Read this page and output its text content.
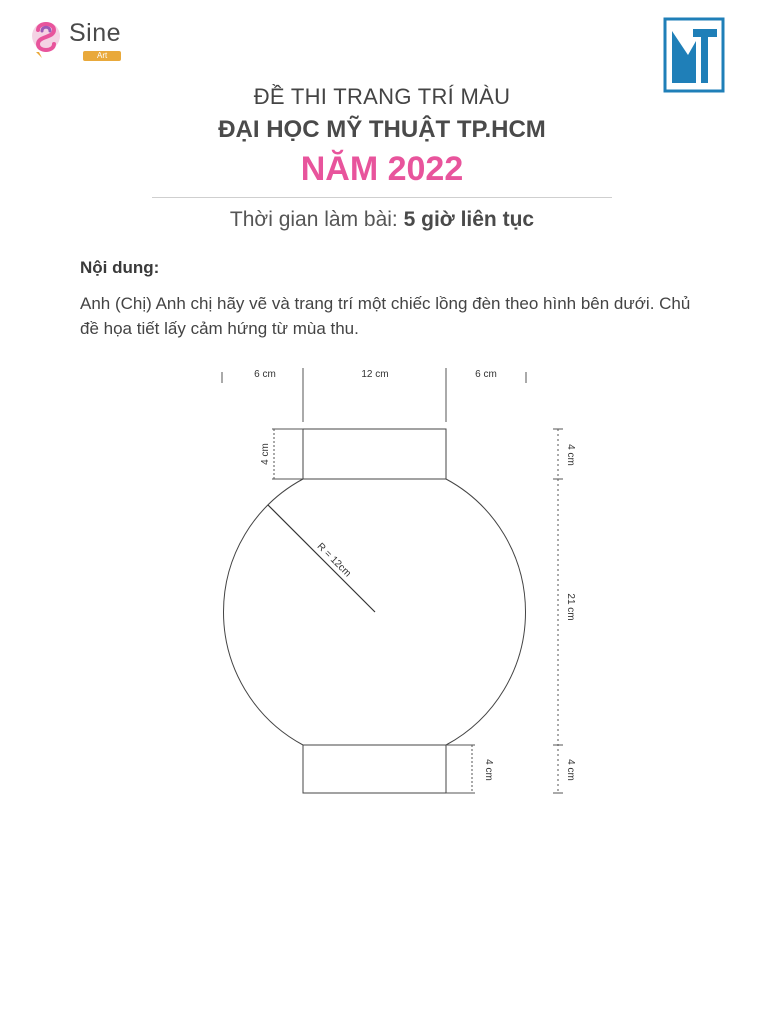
Sine
Art
ĐỀ THI TRANG TRÍ MÀU
ĐẠI HỌC MỸ THUẬT TP.HCM
NĂM 2022
Thời gian làm bài: 5 giờ liên tục
Nội dung:
Anh (Chị) Anh chị hãy vẽ và trang trí một chiếc lồng đèn theo hình bên dưới. Chủ đề họa tiết lấy cảm hứng từ mùa thu.
6 cm	12 cm	6 cm
4 cm
R = 12cm
4 cm
4 cm
21 cm
4 cm
